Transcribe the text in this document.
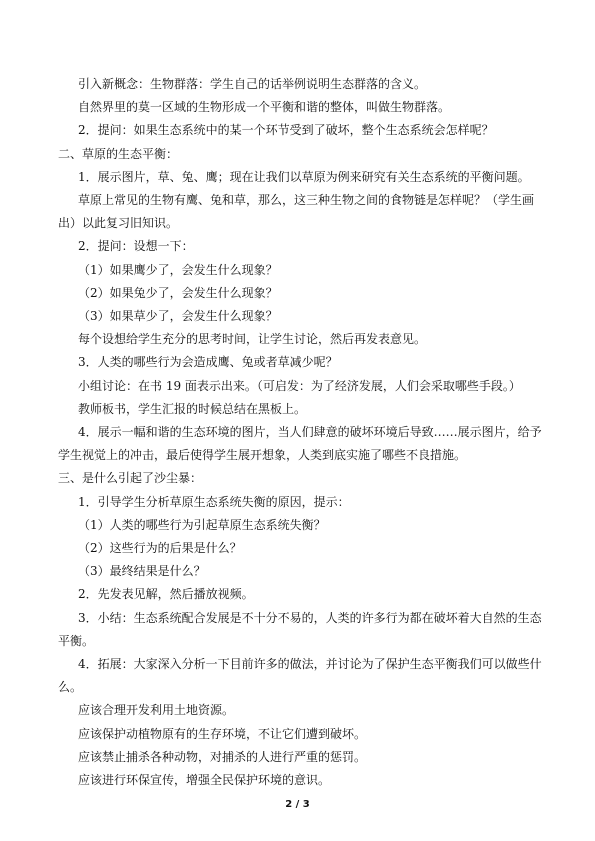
引入新概念：生物群落：学生自己的话举例说明生态群落的含义。
自然界里的莫一区域的生物形成一个平衡和谐的整体，叫做生物群落。
2．提问：如果生态系统中的某一个环节受到了破坏，整个生态系统会怎样呢？
二、草原的生态平衡：
1．展示图片，草、兔、鹰；现在让我们以草原为例来研究有关生态系统的平衡问题。
草原上常见的生物有鹰、兔和草，那么，这三种生物之间的食物链是怎样呢？（学生画
出）以此复习旧知识。
2．提问：设想一下：
（1）如果鹰少了，会发生什么现象？
（2）如果兔少了，会发生什么现象？
（3）如果草少了，会发生什么现象？
每个设想给学生充分的思考时间，让学生讨论，然后再发表意见。
3．人类的哪些行为会造成鹰、兔或者草减少呢？
小组讨论：在书 19 面表示出来。（可启发：为了经济发展，人们会采取哪些手段。）
教师板书，学生汇报的时候总结在黑板上。
4．展示一幅和谐的生态环境的图片，当人们肆意的破坏环境后导致……展示图片，给予
学生视觉上的冲击，最后使得学生展开想象，人类到底实施了哪些不良措施。
三、是什么引起了沙尘暴：
1．引导学生分析草原生态系统失衡的原因，提示：
（1）人类的哪些行为引起草原生态系统失衡？
（2）这些行为的后果是什么？
（3）最终结果是什么？
2．先发表见解，然后播放视频。
3．小结：生态系统配合发展是不十分不易的，人类的许多行为都在破坏着大自然的生态
平衡。
4．拓展：大家深入分析一下目前许多的做法，并讨论为了保护生态平衡我们可以做些什
么。
应该合理开发利用土地资源。
应该保护动植物原有的生存环境，不让它们遭到破坏。
应该禁止捕杀各种动物，对捕杀的人进行严重的惩罚。
应该进行环保宣传，增强全民保护环境的意识。
2 / 3
